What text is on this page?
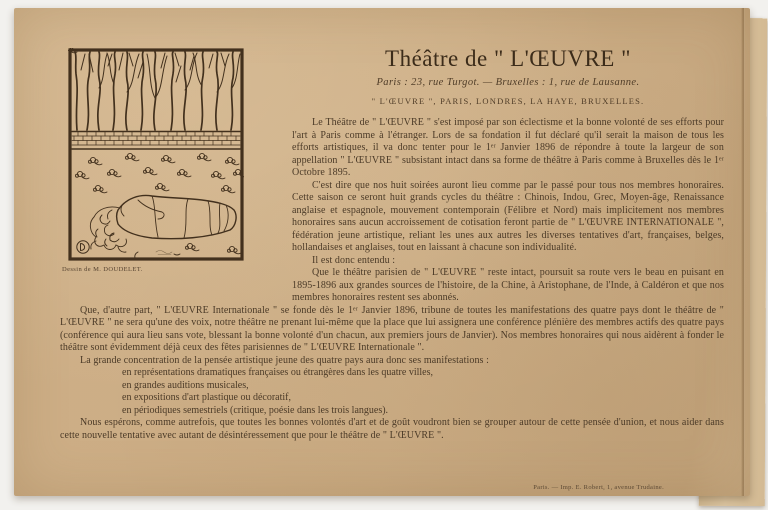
Dessin de M. DOUDELET.
Théâtre de " L'ŒUVRE "
Paris : 23, rue Turgot. — Bruxelles : 1, rue de Lausanne.
" L'ŒUVRE ", PARIS, LONDRES, LA HAYE, BRUXELLES.

Le Théâtre de " L'ŒUVRE " s'est imposé par son éclectisme et la bonne volonté de ses efforts pour l'art à Paris comme à l'étranger. Lors de sa fondation il fut déclaré qu'il serait la maison de tous les efforts artistiques, il va donc tenter pour le 1ᵉʳ Janvier 1896 de répondre à toute la largeur de son appellation " L'ŒUVRE " subsistant intact dans sa forme de théâtre à Paris comme à Bruxelles dès le 1ᵉʳ Octobre 1895.

C'est dire que nos huit soirées auront lieu comme par le passé pour tous nos membres honoraires. Cette saison ce seront huit grands cycles du théâtre : Chinois, Indou, Grec, Moyen-âge, Renaissance anglaise et espagnole, mouvement contemporain (Félibre et Nord) mais implicitement nos membres honoraires sans aucun accroissement de cotisation feront partie de " L'ŒUVRE INTERNATIONALE ", fédération jeune artistique, reliant les unes aux autres les diverses tentatives d'art, françaises, belges, hollandaises et anglaises, tout en laissant à chacune son individualité.

Il est donc entendu :

Que le théâtre parisien de " L'ŒUVRE " reste intact, poursuit sa route vers le beau en puisant en 1895-1896 aux grandes sources de l'histoire, de la Chine, à Aristophane, de l'Inde, à Caldéron et que nos membres honoraires restent ses abonnés.

Que, d'autre part, " L'ŒUVRE Internationale " se fonde dès le 1ᵉʳ Janvier 1896, tribune de toutes les manifestations des quatre pays dont le théâtre de " L'ŒUVRE " ne sera qu'une des voix, notre théâtre ne prenant lui-même que la place que lui assignera une conférence plénière des membres actifs des quatre pays (conférence qui aura lieu sans vote, blessant la bonne volonté d'un chacun, aux premiers jours de Janvier). Nos membres honoraires qui nous aidèrent à fonder le théâtre sont évidemment déjà ceux des fêtes parisiennes de " L'ŒUVRE Internationale ".

La grande concentration de la pensée artistique jeune des quatre pays aura donc ses manifestations :

en représentations dramatiques françaises ou étrangères dans les quatre villes,
en grandes auditions musicales,
en expositions d'art plastique ou décoratif,
en périodiques semestriels (critique, poésie dans les trois langues).

Nous espérons, comme autrefois, que toutes les bonnes volontés d'art et de goût voudront bien se grouper autour de cette pensée d'union, et nous aider dans cette nouvelle tentative avec autant de désintéressement que pour le théâtre de " L'ŒUVRE ".

Paris. — Imp. E. Robert, 1, avenue Trudaine.
